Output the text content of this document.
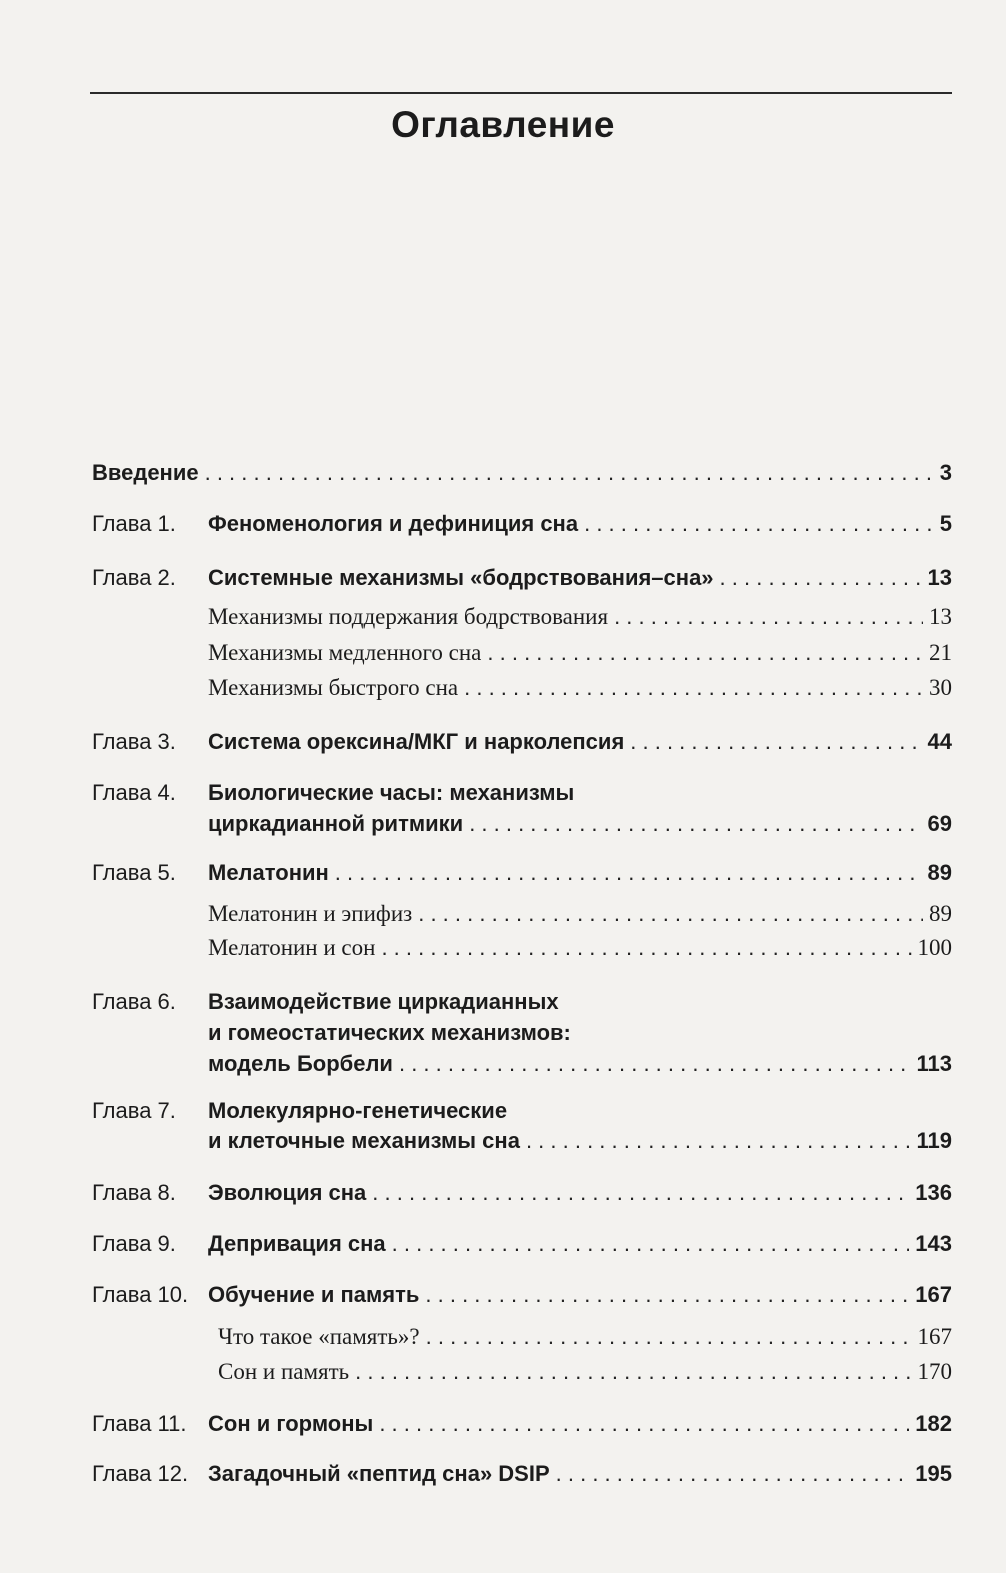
Оглавление
Введение . . .	3
Глава 1.	Феноменология и дефиниция сна . . .	5
Глава 2.	Системные механизмы «бодрствования–сна» . . .	13
Механизмы поддержания бодрствования . . .	13
Механизмы медленного сна . . .	21
Механизмы быстрого сна . . .	30
Глава 3.	Система орексина/МКГ и нарколепсия . . .	44
Глава 4.	Биологические часы: механизмы
циркадианной ритмики . . .	69
Глава 5.	Мелатонин . . .	89
Мелатонин и эпифиз . . .	89
Мелатонин и сон . . .	100
Глава 6.	Взаимодействие циркадианных
и гомеостатических механизмов:
модель Борбели . . .	113
Глава 7.	Молекулярно-генетические
и клеточные механизмы сна . . .	119
Глава 8.	Эволюция сна . . .	136
Глава 9.	Депривация сна . . .	143
Глава 10. Обучение и память . . .	167
Что такое «память»? . . .	167
Сон и память . . .	170
Глава 11. Сон и гормоны . . .	182
Глава 12. Загадочный «пептид сна» DSIP . . .	195
